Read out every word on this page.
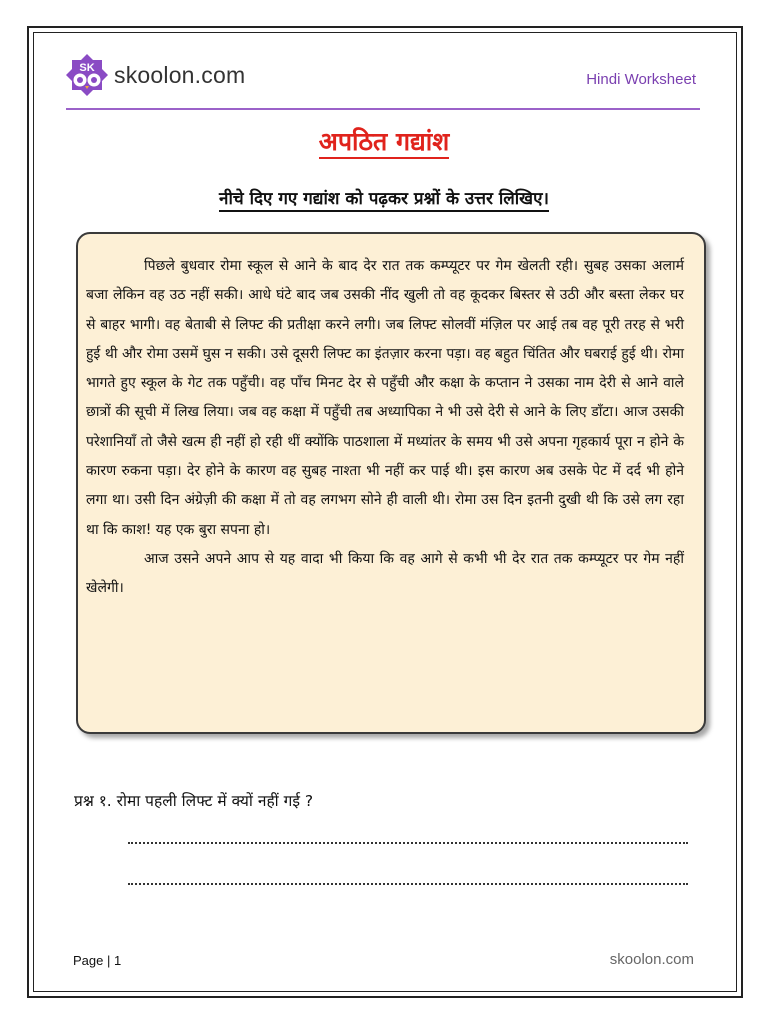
SK skoolon.com	Hindi Worksheet
अपठित गद्यांश
नीचे दिए गए गद्यांश को पढ़कर प्रश्नों के उत्तर लिखिए।

पिछले बुधवार रोमा स्कूल से आने के बाद देर रात तक कम्प्यूटर पर गेम खेलती रही। सुबह उसका अलार्म बजा लेकिन वह उठ नहीं सकी। आधे घंटे बाद जब उसकी नींद खुली तो वह कूदकर बिस्तर से उठी और बस्ता लेकर घर से बाहर भागी। वह बेताबी से लिफ्ट की प्रतीक्षा करने लगी। जब लिफ्ट सोलवीं मंज़िल पर आई तब वह पूरी तरह से भरी हुई थी और रोमा उसमें घुस न सकी। उसे दूसरी लिफ्ट का इंतज़ार करना पड़ा। वह बहुत चिंतित और घबराई हुई थी। रोमा भागते हुए स्कूल के गेट तक पहुँची। वह पाँच मिनट देर से पहुँची और कक्षा के कप्तान ने उसका नाम देरी से आने वाले छात्रों की सूची में लिख लिया। जब वह कक्षा में पहुँची तब अध्यापिका ने भी उसे देरी से आने के लिए डाँटा। आज उसकी परेशानियाँ तो जैसे खत्म ही नहीं हो रही थीं क्योंकि पाठशाला में मध्यांतर के समय भी उसे अपना गृहकार्य पूरा न होने के कारण रुकना पड़ा। देर होने के कारण वह सुबह नाश्ता भी नहीं कर पाई थी। इस कारण अब उसके पेट में दर्द भी होने लगा था। उसी दिन अंग्रेज़ी की कक्षा में तो वह लगभग सोने ही वाली थी। रोमा उस दिन इतनी दुखी थी कि उसे लग रहा था कि काश! यह एक बुरा सपना हो।

आज उसने अपने आप से यह वादा भी किया कि वह आगे से कभी भी देर रात तक कम्प्यूटर पर गेम नहीं खेलेगी।

प्रश्न १. रोमा पहली लिफ्ट में क्यों नहीं गई ?
Page | 1	skoolon.com
